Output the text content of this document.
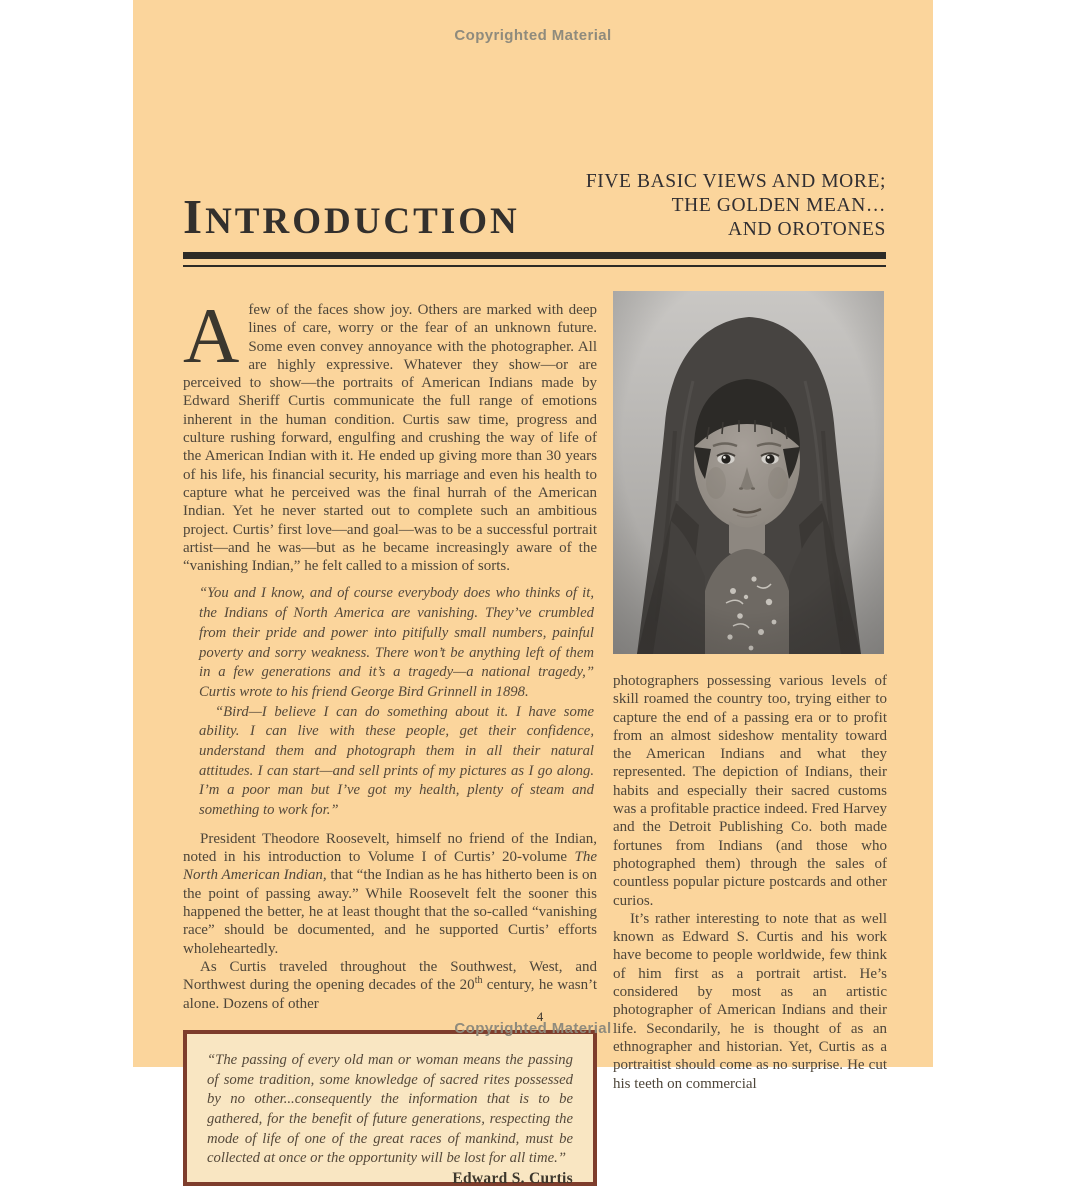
Copyrighted Material
FIVE BASIC VIEWS AND MORE;
THE GOLDEN MEAN…
AND OROTONES
INTRODUCTION

Afew of the faces show joy. Others are marked with deep lines of care, worry or the fear of an unknown future. Some even convey annoyance with the photographer. All are highly expressive. Whatever they show—or are perceived to show—the portraits of American Indians made by Edward Sheriff Curtis communicate the full range of emotions inherent in the human condition. Curtis saw time, progress and culture rushing forward, engulfing and crushing the way of life of the American Indian with it. He ended up giving more than 30 years of his life, his financial security, his marriage and even his health to capture what he perceived was the final hurrah of the American Indian. Yet he never started out to complete such an ambitious project. Curtis’ first love—and goal—was to be a successful portrait artist—and he was—but as he became increasingly aware of the “vanishing Indian,” he felt called to a mission of sorts.

“You and I know, and of course everybody does who thinks of it, the Indians of North America are vanishing. They’ve crumbled from their pride and power into pitifully small numbers, painful poverty and sorry weakness. There won’t be anything left of them in a few generations and it’s a tragedy—a national tragedy,” Curtis wrote to his friend George Bird Grinnell in 1898.

“Bird—I believe I can do something about it. I have some ability. I can live with these people, get their confidence, understand them and photograph them in all their natural attitudes. I can start—and sell prints of my pictures as I go along. I’m a poor man but I’ve got my health, plenty of steam and something to work for.”

President Theodore Roosevelt, himself no friend of the Indian, noted in his introduction to Volume I of Curtis’ 20-volume The North American Indian, that “the Indian as he has hitherto been is on the point of passing away.” While Roosevelt felt the sooner this happened the better, he at least thought that the so-called “vanishing race” should be documented, and he supported Curtis’ efforts wholeheartedly.

As Curtis traveled throughout the Southwest, West, and Northwest during the opening decades of the 20th century, he wasn’t alone. Dozens of other

“The passing of every old man or woman means the passing of some tradition, some knowledge of sacred rites possessed by no other...consequently the information that is to be gathered, for the benefit of future generations, respecting the mode of life of one of the great races of mankind, must be collected at once or the opportunity will be lost for all time.”
Edward S. Curtis

photographers possessing various levels of skill roamed the country too, trying either to capture the end of a passing era or to profit from an almost sideshow mentality toward the American Indians and what they represented. The depiction of Indians, their habits and especially their sacred customs was a profitable practice indeed. Fred Harvey and the Detroit Publishing Co. both made fortunes from Indians (and those who photographed them) through the sales of countless popular picture postcards and other curios.

It’s rather interesting to note that as well known as Edward S. Curtis and his work have become to people worldwide, few think of him first as a portrait artist. He’s considered by most as an artistic photographer of American Indians and their life. Secondarily, he is thought of as an ethnographer and historian. Yet, Curtis as a portraitist should come as no surprise. He cut his teeth on commercial

4
Copyrighted Material
